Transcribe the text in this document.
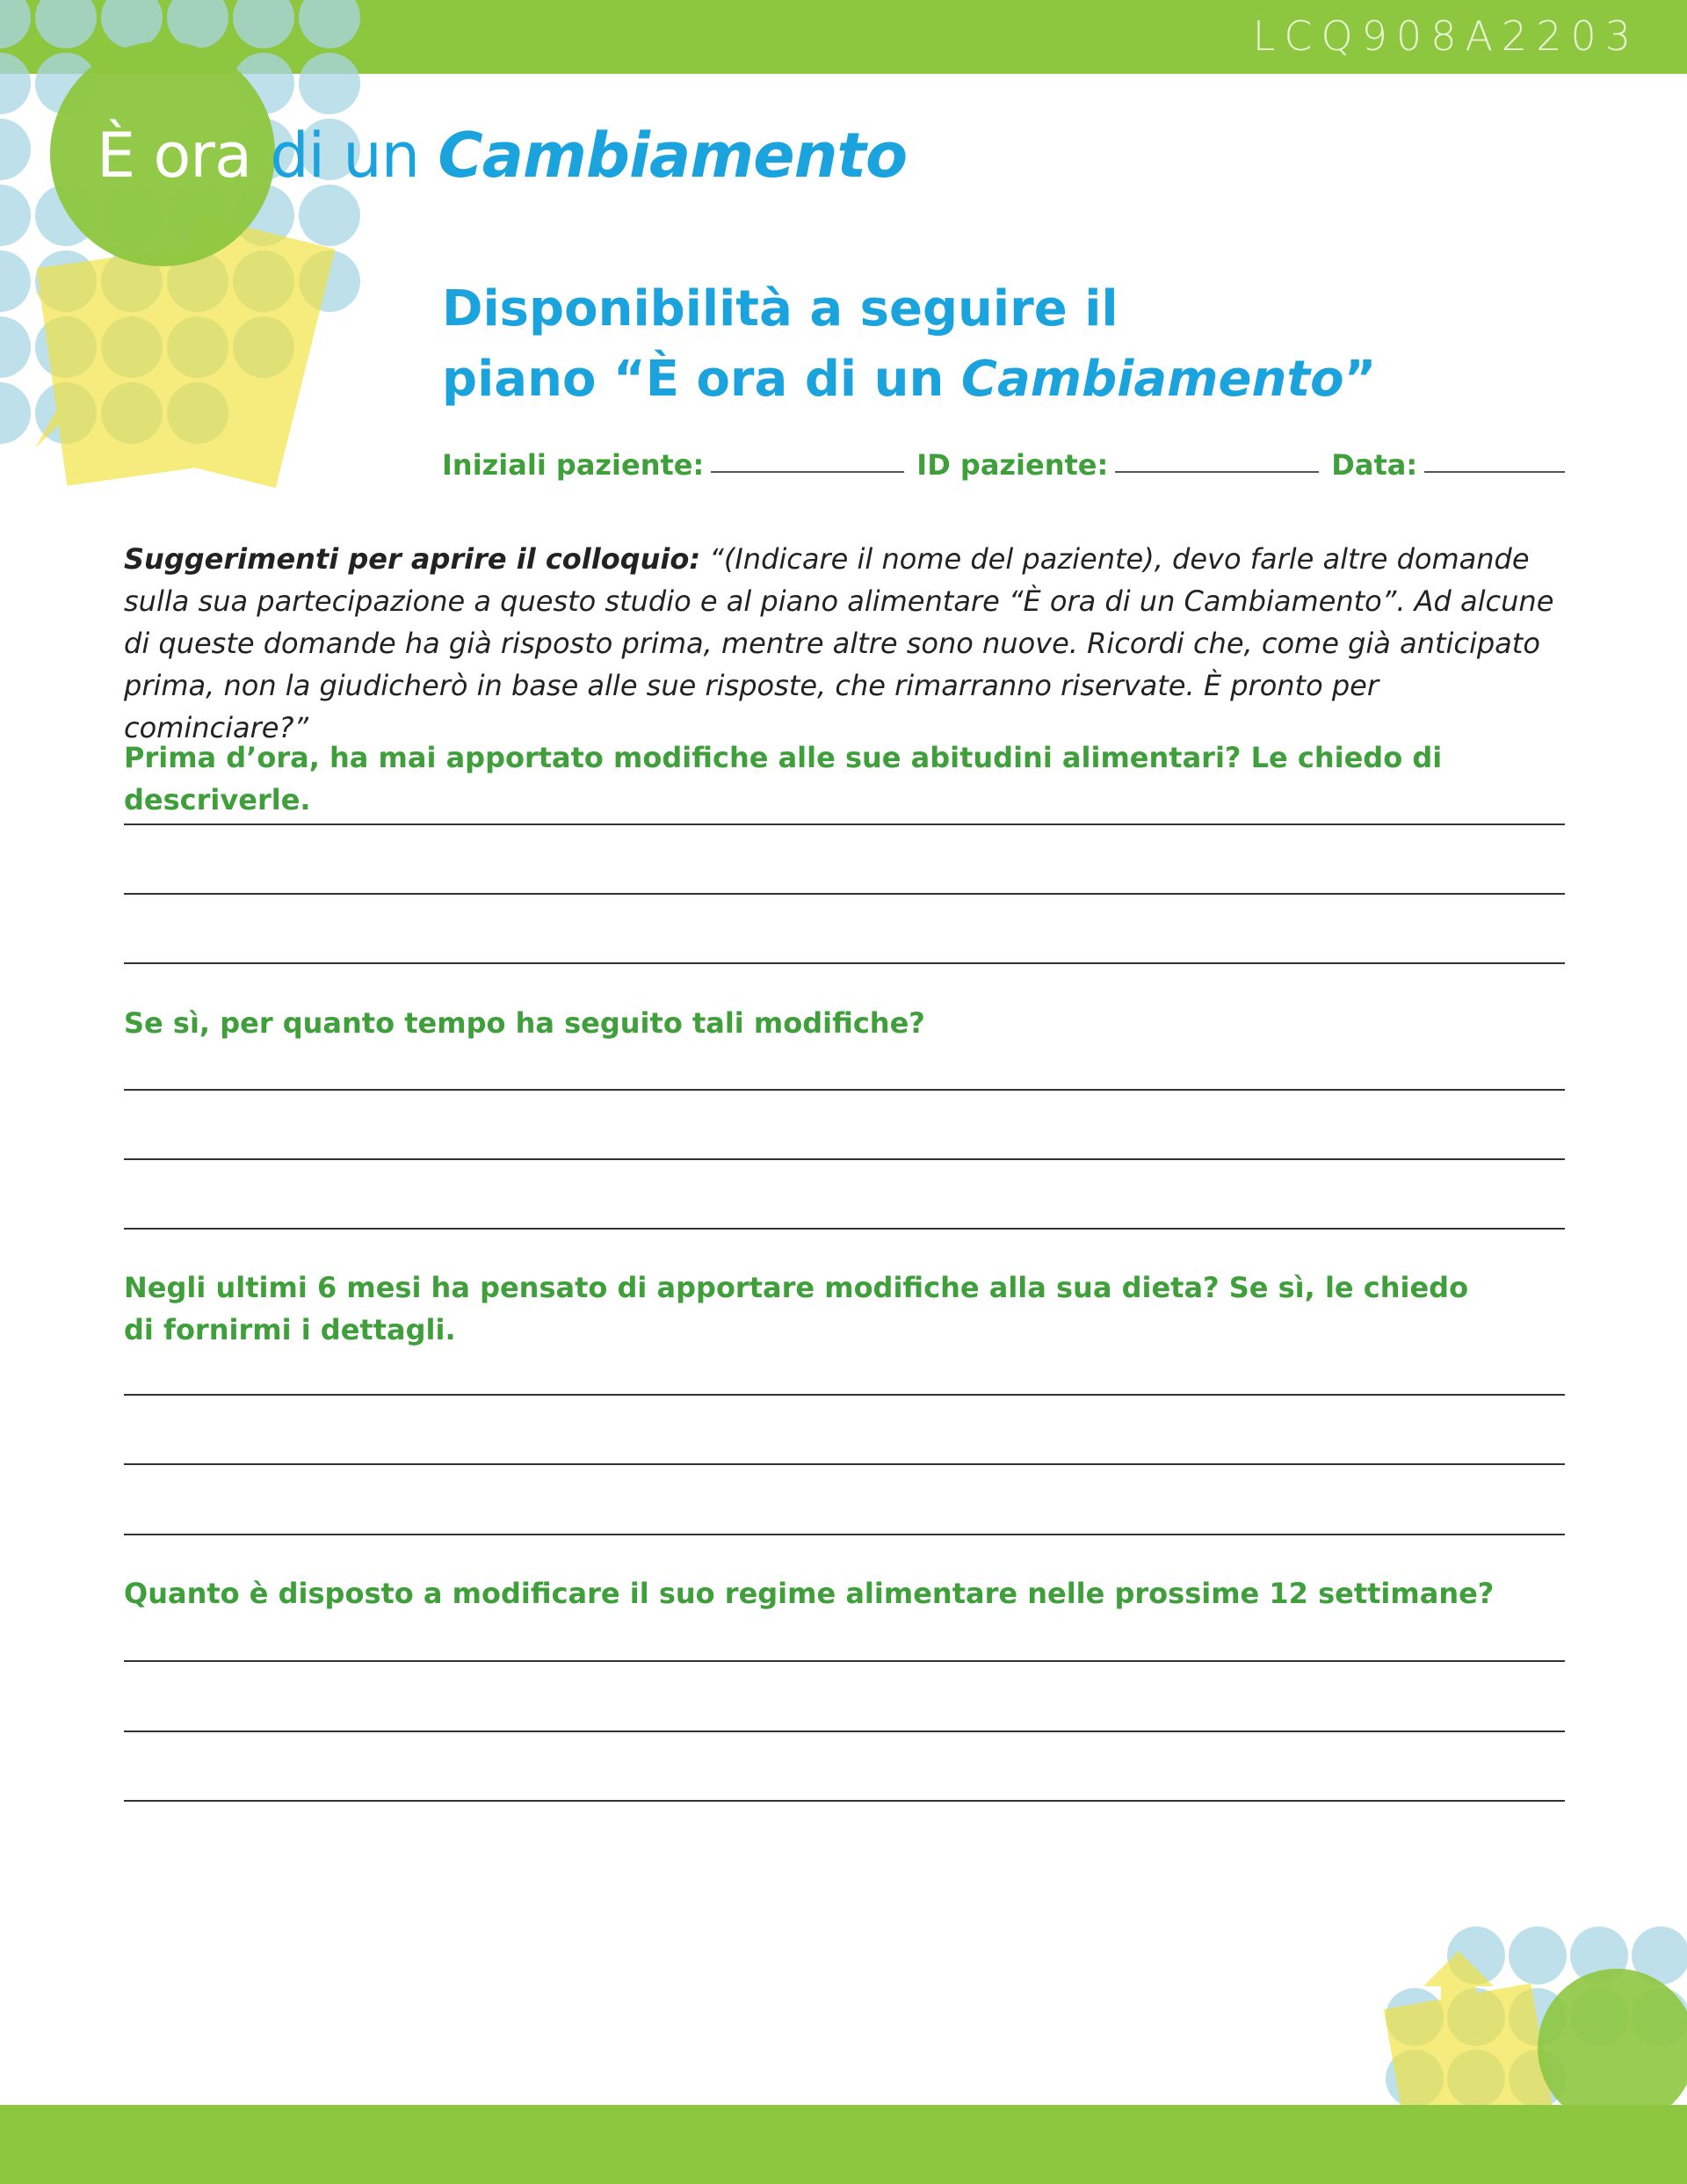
LCQ908A2203
È ora di un Cambiamento
Disponibilità a seguire il
piano “È ora di un Cambiamento”
Iniziali paziente:	ID paziente:	Data:
Suggerimenti per aprire il colloquio: “(Indicare il nome del paziente), devo farle altre domande sulla sua partecipazione a questo studio e al piano alimentare “È ora di un Cambiamento”. Ad alcune di queste domande ha già risposto prima, mentre altre sono nuove. Ricordi che, come già anticipato prima, non la giudicherò in base alle sue risposte, che rimarranno riservate. È pronto per cominciare?”
Prima d’ora, ha mai apportato modifiche alle sue abitudini alimentari? Le chiedo di descriverle.
Se sì, per quanto tempo ha seguito tali modifiche?
Negli ultimi 6 mesi ha pensato di apportare modifiche alla sua dieta? Se sì, le chiedo di fornirmi i dettagli.
Quanto è disposto a modificare il suo regime alimentare nelle prossime 12 settimane?
